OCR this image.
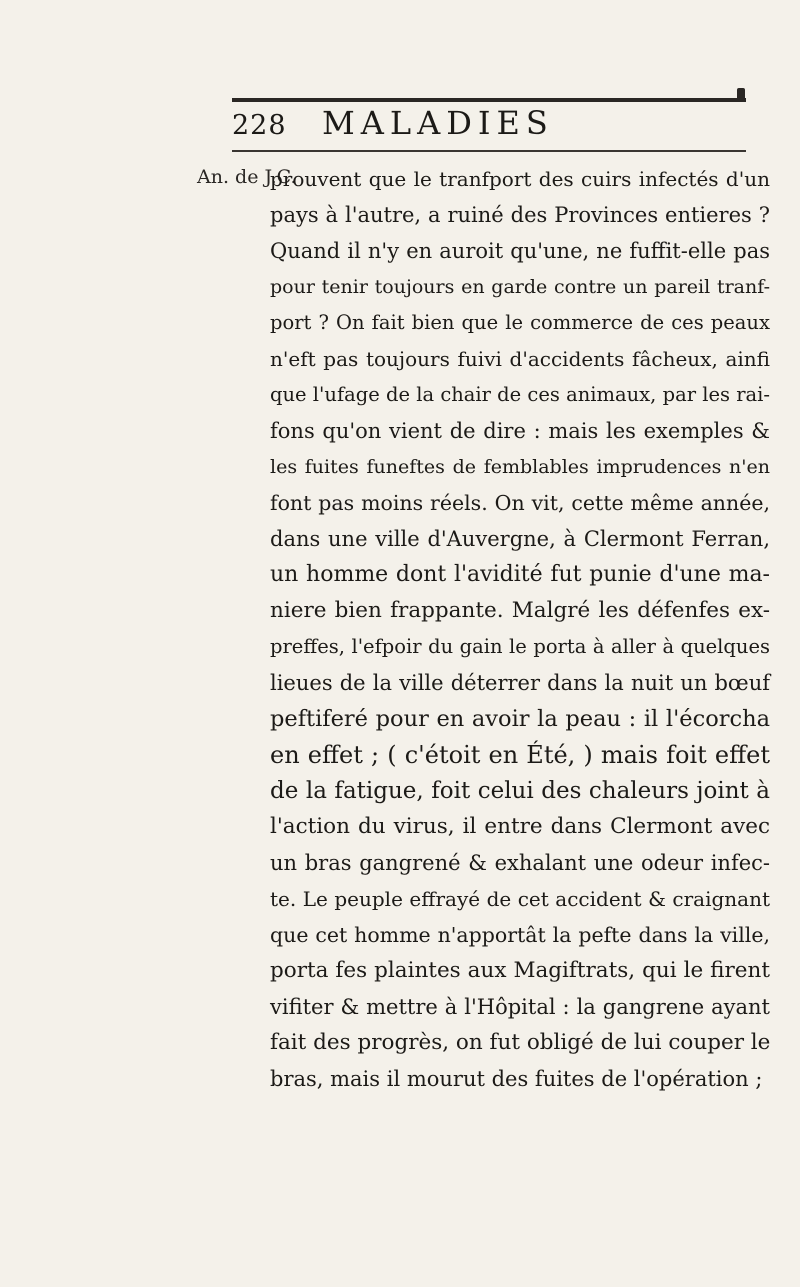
228 MALADIES
An. de J.C.
prouvent que le tranfport des cuirs infectés d'un
pays à l'autre, a ruiné des Provinces entieres ?
Quand il n'y en auroit qu'une, ne fuffit-elle pas
pour tenir toujours en garde contre un pareil tranf-
port ? On fait bien que le commerce de ces peaux
n'eft pas toujours fuivi d'accidents fâcheux, ainfi
que l'ufage de la chair de ces animaux, par les rai-
fons qu'on vient de dire : mais les exemples &
les fuites funeftes de femblables imprudences n'en
font pas moins réels. On vit, cette même année,
dans une ville d'Auvergne, à Clermont Ferran,
un homme dont l'avidité fut punie d'une ma-
niere bien frappante. Malgré les défenfes ex-
preffes, l'efpoir du gain le porta à aller à quelques
lieues de la ville déterrer dans la nuit un bœuf
peftiferé pour en avoir la peau : il l'écorcha
en effet ; ( c'étoit en Été, ) mais foit effet
de la fatigue, foit celui des chaleurs joint à
l'action du virus, il entre dans Clermont avec
un bras gangrené & exhalant une odeur infec-
te. Le peuple effrayé de cet accident & craignant
que cet homme n'apportât la pefte dans la ville,
porta fes plaintes aux Magiftrats, qui le firent
vifiter & mettre à l'Hôpital : la gangrene ayant
fait des progrès, on fut obligé de lui couper le
bras, mais il mourut des fuites de l'opération ;
